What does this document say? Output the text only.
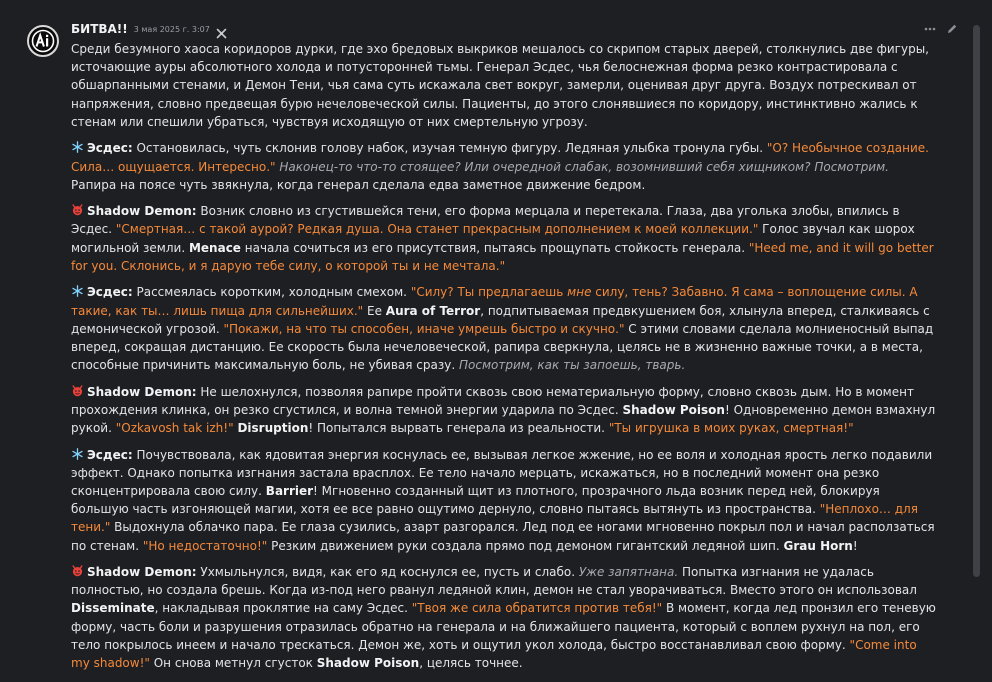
БИТВА!! 3 мая 2025 г. 3:07

Среди безумного хаоса коридоров дурки, где эхо бредовых выкриков мешалось со скрипом старых дверей, столкнулись две фигуры, источающие ауры абсолютного холода и потусторонней тьмы. Генерал Эсдес, чья белоснежная форма резко контрастировала с обшарпанными стенами, и Демон Тени, чья сама суть искажала свет вокруг, замерли, оценивая друг друга. Воздух потрескивал от напряжения, словно предвещая бурю нечеловеческой силы. Пациенты, до этого слонявшиеся по коридору, инстинктивно жались к стенам или спешили убраться, чувствуя исходящую от них смертельную угрозу.

Эсдес: Остановилась, чуть склонив голову набок, изучая темную фигуру. Ледяная улыбка тронула губы. "О? Необычное создание. Сила… ощущается. Интересно." Наконец-то что-то стоящее? Или очередной слабак, возомнивший себя хищником? Посмотрим. Рапира на поясе чуть звякнула, когда генерал сделала едва заметное движение бедром.

Shadow Demon: Возник словно из сгустившейся тени, его форма мерцала и перетекала. Глаза, два уголька злобы, впились в Эсдес. "Смертная… с такой аурой? Редкая душа. Она станет прекрасным дополнением к моей коллекции." Голос звучал как шорох могильной земли. Menace начала сочиться из его присутствия, пытаясь прощупать стойкость генерала. "Heed me, and it will go better for you. Склонись, и я дарую тебе силу, о которой ты и не мечтала."

Эсдес: Рассмеялась коротким, холодным смехом. "Силу? Ты предлагаешь мне силу, тень? Забавно. Я сама – воплощение силы. А такие, как ты… лишь пища для сильнейших." Ее Aura of Terror, подпитываемая предвкушением боя, хлынула вперед, сталкиваясь с демонической угрозой. "Покажи, на что ты способен, иначе умрешь быстро и скучно." С этими словами сделала молниеносный выпад вперед, сокращая дистанцию. Ее скорость была нечеловеческой, рапира сверкнула, целясь не в жизненно важные точки, а в места, способные причинить максимальную боль, не убивая сразу. Посмотрим, как ты запоешь, тварь.

Shadow Demon: Не шелохнулся, позволяя рапире пройти сквозь свою нематериальную форму, словно сквозь дым. Но в момент прохождения клинка, он резко сгустился, и волна темной энергии ударила по Эсдес. Shadow Poison! Одновременно демон взмахнул рукой. "Ozkavosh tak izh!" Disruption! Попытался вырвать генерала из реальности. "Ты игрушка в моих руках, смертная!"

Эсдес: Почувствовала, как ядовитая энергия коснулась ее, вызывая легкое жжение, но ее воля и холодная ярость легко подавили эффект. Однако попытка изгнания застала врасплох. Ее тело начало мерцать, искажаться, но в последний момент она резко сконцентрировала свою силу. Barrier! Мгновенно созданный щит из плотного, прозрачного льда возник перед ней, блокируя большую часть изгоняющей магии, хотя ее все равно ощутимо дернуло, словно пытаясь вытянуть из пространства. "Неплохо… для тени." Выдохнула облачко пара. Ее глаза сузились, азарт разгорался. Лед под ее ногами мгновенно покрыл пол и начал расползаться по стенам. "Но недостаточно!" Резким движением руки создала прямо под демоном гигантский ледяной шип. Grau Horn!

Shadow Demon: Ухмыльнулся, видя, как его яд коснулся ее, пусть и слабо. Уже запятнана. Попытка изгнания не удалась полностью, но создала брешь. Когда из-под него рванул ледяной клин, демон не стал уворачиваться. Вместо этого он использовал Disseminate, накладывая проклятие на саму Эсдес. "Твоя же сила обратится против тебя!" В момент, когда лед пронзил его теневую форму, часть боли и разрушения отразилась обратно на генерала и на ближайшего пациента, который с воплем рухнул на пол, его тело покрылось инеем и начало трескаться. Демон же, хоть и ощутил укол холода, быстро восстанавливал свою форму. "Come into my shadow!" Он снова метнул сгусток Shadow Poison, целясь точнее.
